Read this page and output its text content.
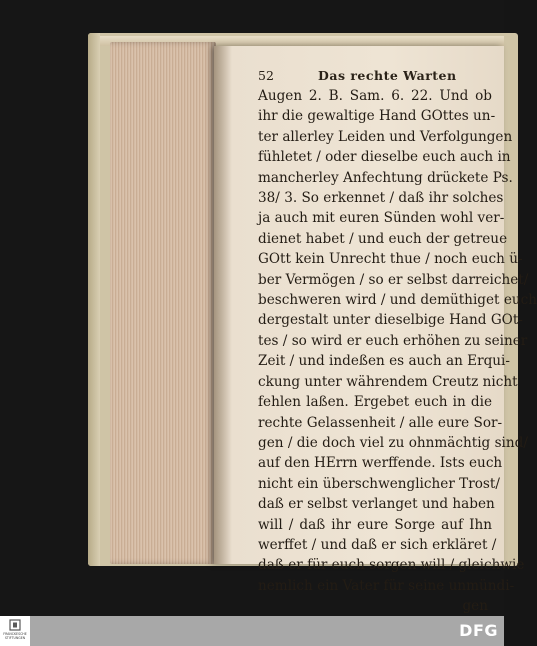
52	Das rechte Warten
Augen 2. B. Sam. 6. 22. Und ob
ihr die gewaltige Hand GOttes un-
ter allerley Leiden und Verfolgungen
fühletet / oder dieselbe euch auch in
mancherley Anfechtung drückete Ps.
38/ 3. So erkennet / daß ihr solches
ja auch mit euren Sünden wohl ver-
dienet habet / und euch der getreue
GOtt kein Unrecht thue / noch euch ü-
ber Vermögen / so er selbst darreichet/
beschweren wird / und demüthiget euch
dergestalt unter dieselbige Hand GOt-
tes / so wird er euch erhöhen zu seiner
Zeit / und indeßen es auch an Erqui-
ckung unter währendem Creutz nicht
fehlen laßen. Ergebet euch in die
rechte Gelassenheit / alle eure Sor-
gen / die doch viel zu ohnmächtig sind/
auf den HErrn werffende. Ists euch
nicht ein überschwenglicher Trost/
daß er selbst verlanget und haben
will / daß ihr eure Sorge auf Ihn
werffet / und daß er sich erkläret /
daß er für euch sorgen will / gleichwie
nemlich ein Vater für seine unmündi-
gen
FRANCKESCHE
STIFTUNGEN	DFG
